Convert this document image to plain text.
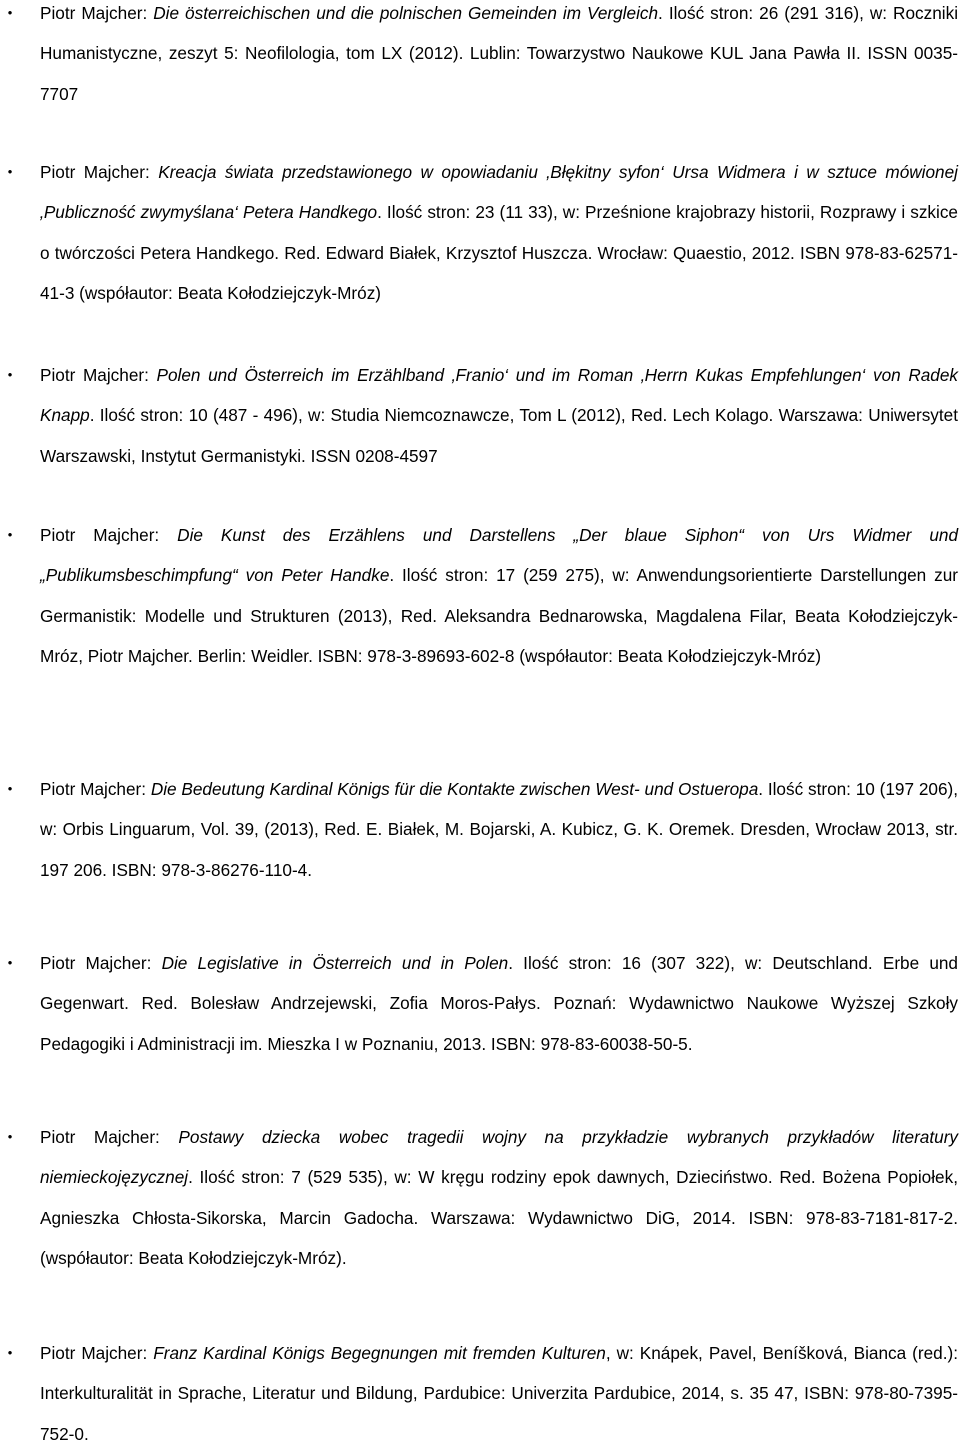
• Piotr Majcher: Die österreichischen und die polnischen Gemeinden im Vergleich. Ilość stron: 26 (291 316), w: Roczniki Humanistyczne, zeszyt 5: Neofilologia, tom LX (2012). Lublin: Towarzystwo Naukowe KUL Jana Pawła II. ISSN 0035-7707
• Piotr Majcher: Kreacja świata przedstawionego w opowiadaniu ‚Błękitny syfon‘ Ursa Widmera i w sztuce mówionej ‚Publiczność zwymyślana‘ Petera Handkego. Ilość stron: 23 (11 33), w: Prześnione krajobrazy historii, Rozprawy i szkice o twórczości Petera Handkego. Red. Edward Białek, Krzysztof Huszcza. Wrocław: Quaestio, 2012. ISBN 978-83-62571-41-3 (współautor: Beata Kołodziejczyk-Mróz)
• Piotr Majcher: Polen und Österreich im Erzählband ‚Franio‘ und im Roman ‚Herrn Kukas Empfehlungen‘ von Radek Knapp. Ilość stron: 10 (487 - 496), w: Studia Niemcoznawcze, Tom L (2012), Red. Lech Kolago. Warszawa: Uniwersytet Warszawski, Instytut Germanistyki. ISSN 0208-4597
• Piotr Majcher: Die Kunst des Erzählens und Darstellens „Der blaue Siphon“ von Urs Widmer und „Publikumsbeschimpfung“ von Peter Handke. Ilość stron: 17 (259 275), w: Anwendungsorientierte Darstellungen zur Germanistik: Modelle und Strukturen (2013), Red. Aleksandra Bednarowska, Magdalena Filar, Beata Kołodziejczyk-Mróz, Piotr Majcher. Berlin: Weidler. ISBN: 978-3-89693-602-8 (współautor: Beata Kołodziejczyk-Mróz)
• Piotr Majcher: Die Bedeutung Kardinal Königs für die Kontakte zwischen West- und Ostueropa. Ilość stron: 10 (197 206), w: Orbis Linguarum, Vol. 39, (2013), Red. E. Białek, M. Bojarski, A. Kubicz, G. K. Oremek. Dresden, Wrocław 2013, str. 197 206. ISBN: 978-3-86276-110-4.
• Piotr Majcher: Die Legislative in Österreich und in Polen. Ilość stron: 16 (307 322), w: Deutschland. Erbe und Gegenwart. Red. Bolesław Andrzejewski, Zofia Moros-Pałys. Poznań: Wydawnictwo Naukowe Wyższej Szkoły Pedagogiki i Administracji im. Mieszka I w Poznaniu, 2013. ISBN: 978-83-60038-50-5.
• Piotr Majcher: Postawy dziecka wobec tragedii wojny na przykładzie wybranych przykładów literatury niemieckojęzycznej. Ilość stron: 7 (529 535), w: W kręgu rodziny epok dawnych, Dzieciństwo. Red. Bożena Popiołek, Agnieszka Chłosta-Sikorska, Marcin Gadocha. Warszawa: Wydawnictwo DiG, 2014. ISBN: 978-83-7181-817-2. (współautor: Beata Kołodziejczyk-Mróz).
• Piotr Majcher: Franz Kardinal Königs Begegnungen mit fremden Kulturen, w: Knápek, Pavel, Beníšková, Bianca (red.): Interkulturalität in Sprache, Literatur und Bildung, Pardubice: Univerzita Pardubice, 2014, s. 35 47, ISBN: 978-80-7395-752-0.
